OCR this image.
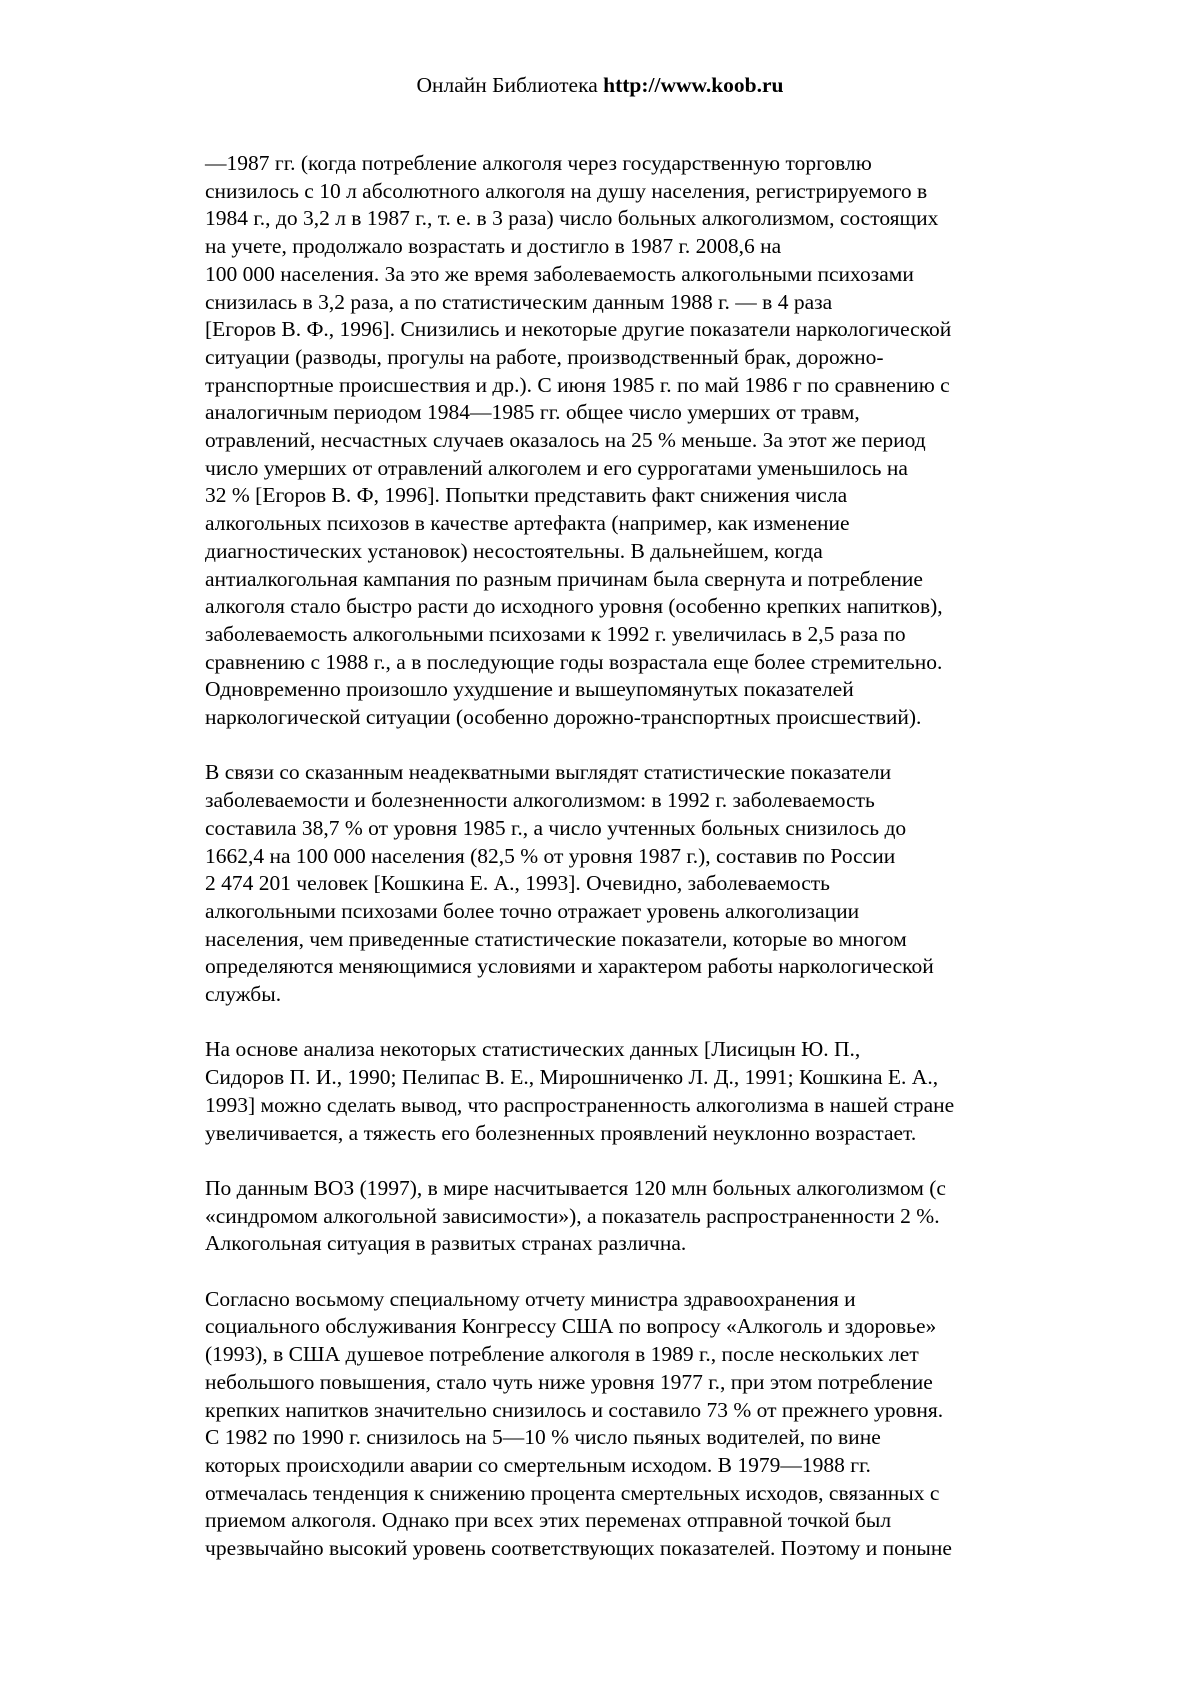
Онлайн Библиотека http://www.koob.ru
—1987 гг. (когда потребление алкоголя через государственную торговлю
снизилось с 10 л абсолютного алкоголя на душу населения, регистрируемого в
1984 г., до 3,2 л в 1987 г., т. е. в 3 раза) число больных алкоголизмом, состоящих
на учете, продолжало возрастать и достигло в 1987 г. 2008,6 на
100 000 населения. За это же время заболеваемость алкогольными психозами
снизилась в 3,2 раза, а по статистическим данным 1988 г. — в 4 раза
[Егоров В. Ф., 1996]. Снизились и некоторые другие показатели наркологической
ситуации (разводы, прогулы на работе, производственный брак, дорожно-
транспортные происшествия и др.). С июня 1985 г. по май 1986 г по сравнению с
аналогичным периодом 1984—1985 гг. общее число умерших от травм,
отравлений, несчастных случаев оказалось на 25 % меньше. За этот же период
число умерших от отравлений алкоголем и его суррогатами уменьшилось на
32 % [Егоров В. Ф, 1996]. Попытки представить факт снижения числа
алкогольных психозов в качестве артефакта (например, как изменение
диагностических установок) несостоятельны. В дальнейшем, когда
антиалкогольная кампания по разным причинам была свернута и потребление
алкоголя стало быстро расти до исходного уровня (особенно крепких напитков),
заболеваемость алкогольными психозами к 1992 г. увеличилась в 2,5 раза по
сравнению с 1988 г., а в последующие годы возрастала еще более стремительно.
Одновременно произошло ухудшение и вышеупомянутых показателей
наркологической ситуации (особенно дорожно-транспортных происшествий).
В связи со сказанным неадекватными выглядят статистические показатели
заболеваемости и болезненности алкоголизмом: в 1992 г. заболеваемость
составила 38,7 % от уровня 1985 г., а число учтенных больных снизилось до
1662,4 на 100 000 населения (82,5 % от уровня 1987 г.), составив по России
2 474 201 человек [Кошкина Е. А., 1993]. Очевидно, заболеваемость
алкогольными психозами более точно отражает уровень алкоголизации
населения, чем приведенные статистические показатели, которые во многом
определяются меняющимися условиями и характером работы наркологической
службы.
На основе анализа некоторых статистических данных [Лисицын Ю. П.,
Сидоров П. И., 1990; Пелипас В. Е., Мирошниченко Л. Д., 1991; Кошкина Е. А.,
1993] можно сделать вывод, что распространенность алкоголизма в нашей стране
увеличивается, а тяжесть его болезненных проявлений неуклонно возрастает.
По данным ВОЗ (1997), в мире насчитывается 120 млн больных алкоголизмом (с
«синдромом алкогольной зависимости»), а показатель распространенности 2 %.
Алкогольная ситуация в развитых странах различна.
Согласно восьмому специальному отчету министра здравоохранения и
социального обслуживания Конгрессу США по вопросу «Алкоголь и здоровье»
(1993), в США душевое потребление алкоголя в 1989 г., после нескольких лет
небольшого повышения, стало чуть ниже уровня 1977 г., при этом потребление
крепких напитков значительно снизилось и составило 73 % от прежнего уровня.
С 1982 по 1990 г. снизилось на 5—10 % число пьяных водителей, по вине
которых происходили аварии со смертельным исходом. В 1979—1988 гг.
отмечалась тенденция к снижению процента смертельных исходов, связанных с
приемом алкоголя. Однако при всех этих переменах отправной точкой был
чрезвычайно высокий уровень соответствующих показателей. Поэтому и поныне
